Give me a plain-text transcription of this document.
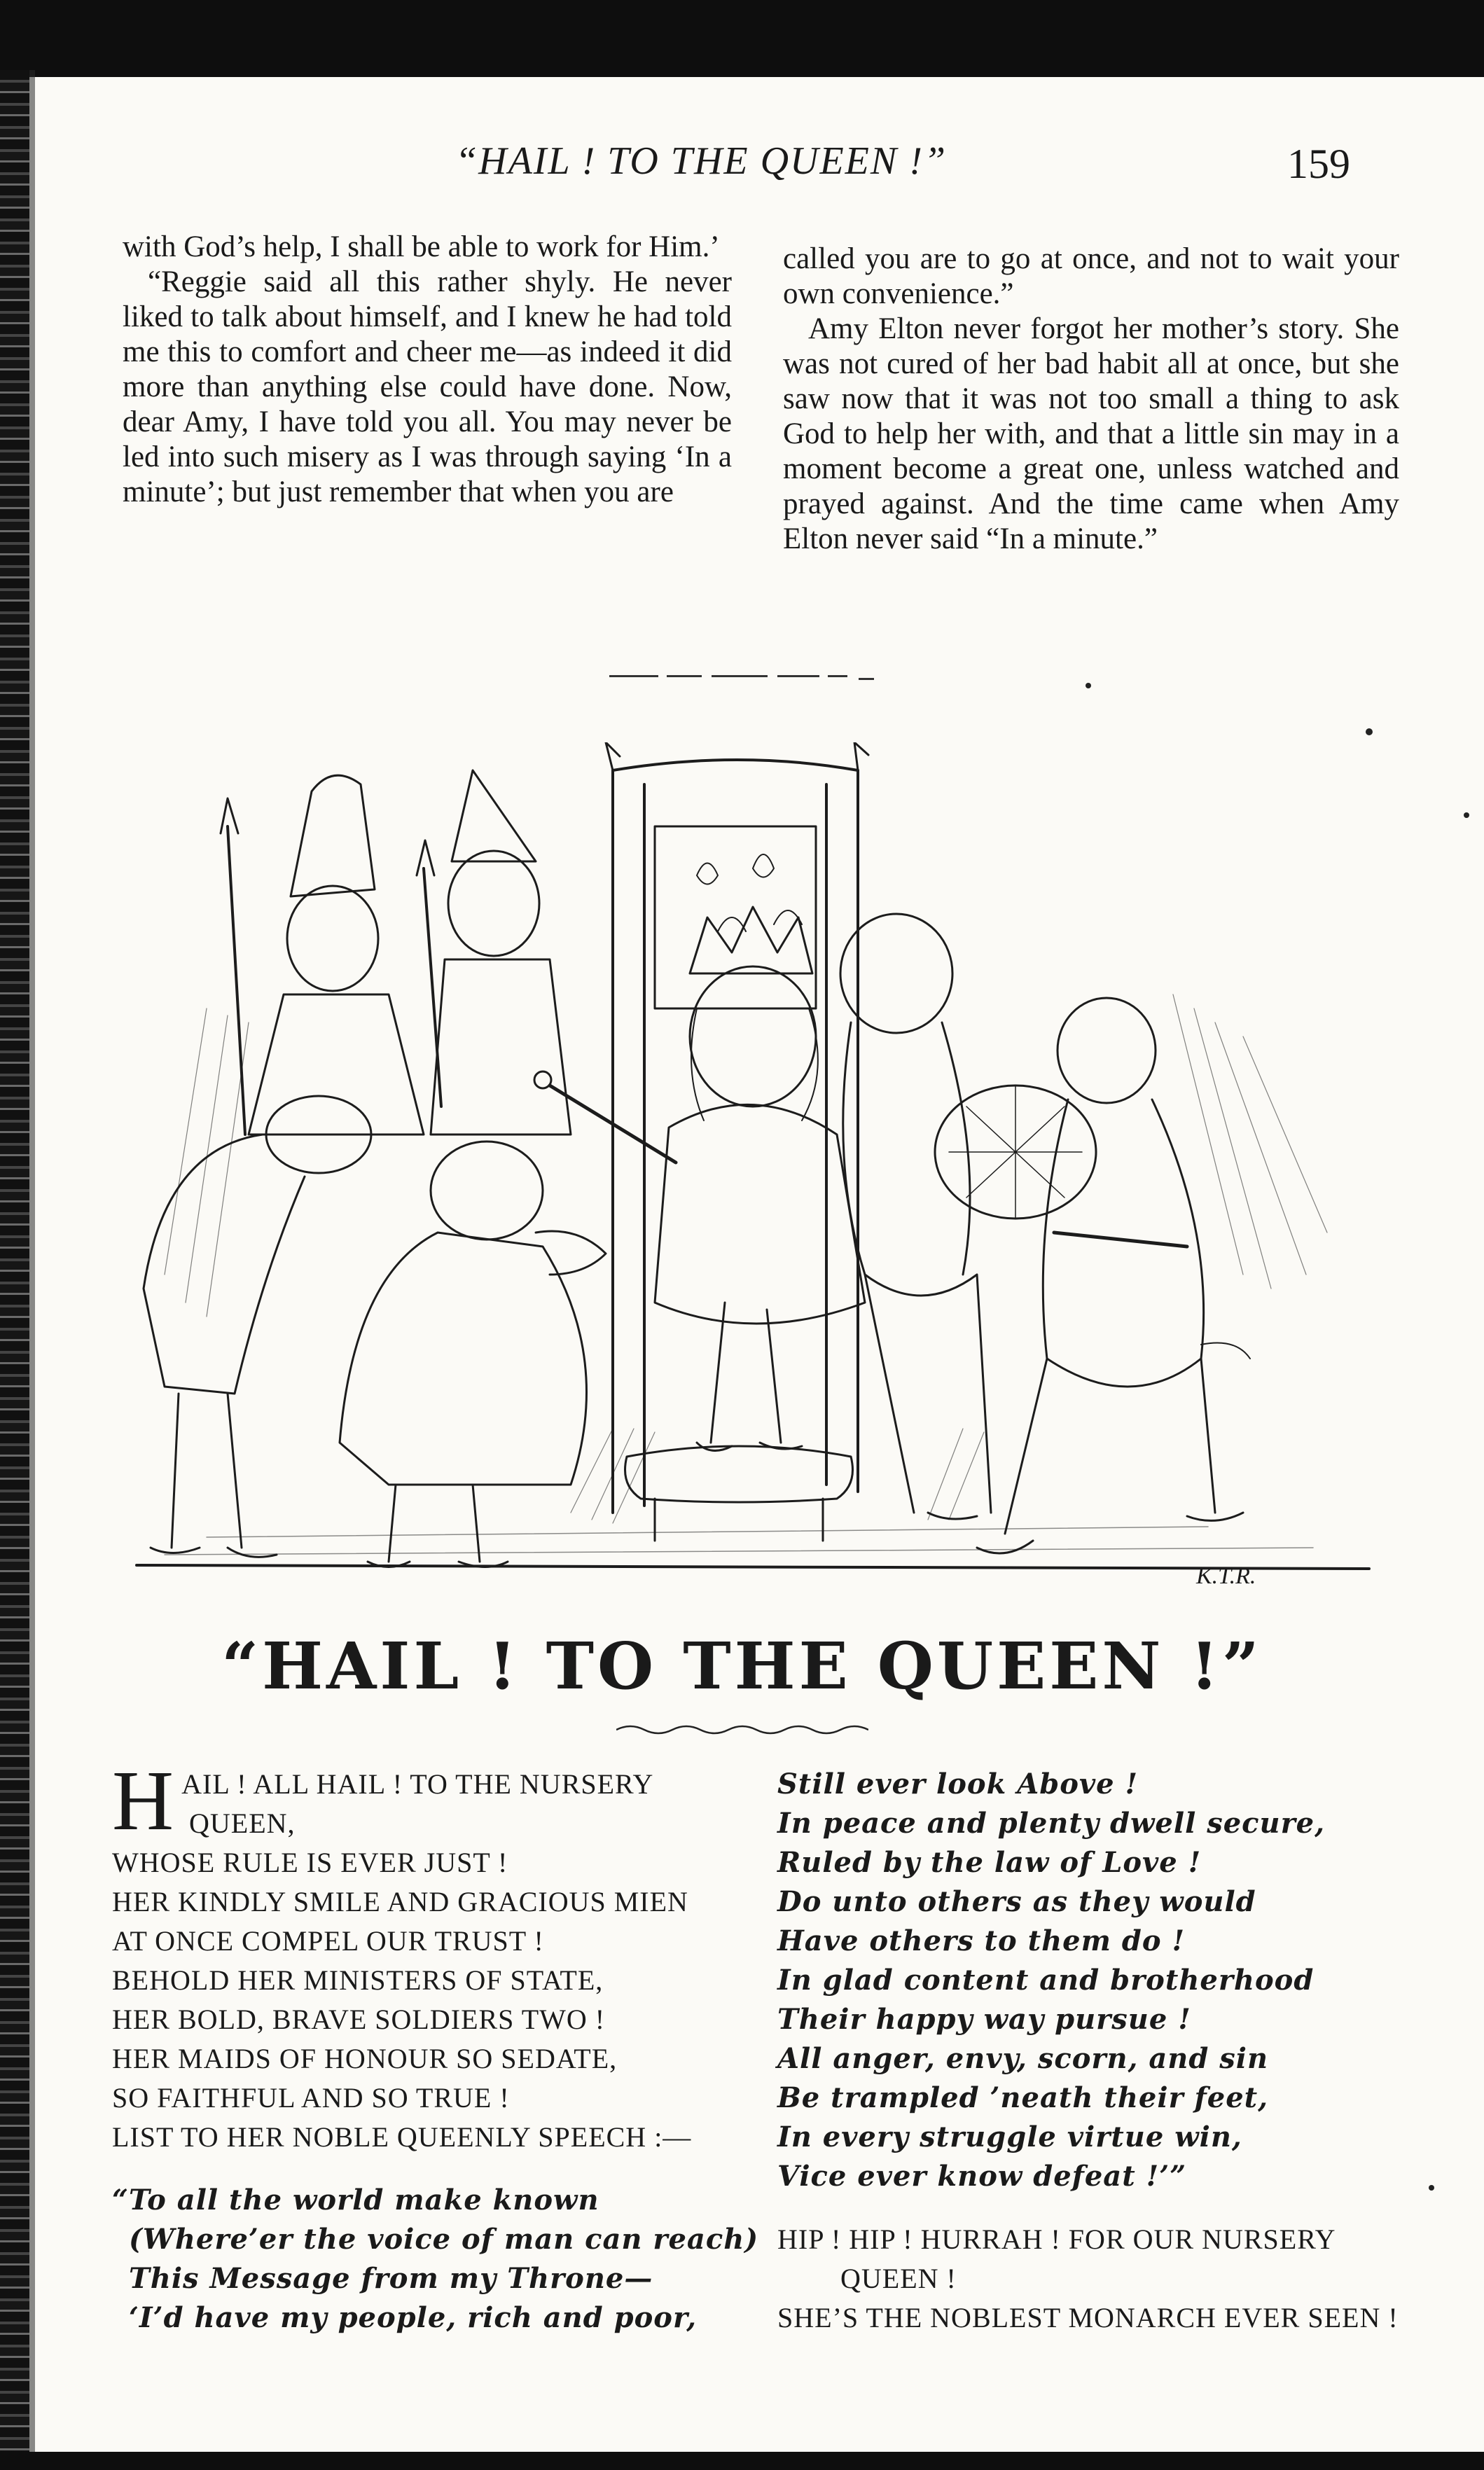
“HAIL ! TO THE QUEEN !”	159

with God’s help, I shall be able to work for Him.’

“Reggie said all this rather shyly. He never liked to talk about himself, and I knew he had told me this to comfort and cheer me—as indeed it did more than anything else could have done. Now, dear Amy, I have told you all. You may never be led into such misery as I was through saying ‘In a minute’; but just remember that when you are

called you are to go at once, and not to wait your own convenience.”

Amy Elton never forgot her mother’s story. She was not cured of her bad habit all at once, but she saw now that it was not too small a thing to ask God to help her with, and that a little sin may in a moment become a great one, unless watched and prayed against. And the time came when Amy Elton never said “In a minute.”

K.T.R.
“HAIL ! TO THE QUEEN !”
HAIL ! ALL HAIL ! TO THE NURSERY
QUEEN,
WHOSE RULE IS EVER JUST !
HER KINDLY SMILE AND GRACIOUS MIEN
AT ONCE COMPEL OUR TRUST !
BEHOLD HER MINISTERS OF STATE,
HER BOLD, BRAVE SOLDIERS TWO !
HER MAIDS OF HONOUR SO SEDATE,
SO FAITHFUL AND SO TRUE !
LIST TO HER NOBLE QUEENLY SPEECH :—
“To all the world make known
(Where’er the voice of man can reach)
This Message from my Throne—
‘I’d have my people, rich and poor,
Still ever look Above !
In peace and plenty dwell secure,
Ruled by the law of Love !
Do unto others as they would
Have others to them do !
In glad content and brotherhood
Their happy way pursue !
All anger, envy, scorn, and sin
Be trampled ’neath their feet,
In every struggle virtue win,
Vice ever know defeat !’”
HIP ! HIP ! HURRAH ! FOR OUR NURSERY
QUEEN !
SHE’S THE NOBLEST MONARCH EVER SEEN !
